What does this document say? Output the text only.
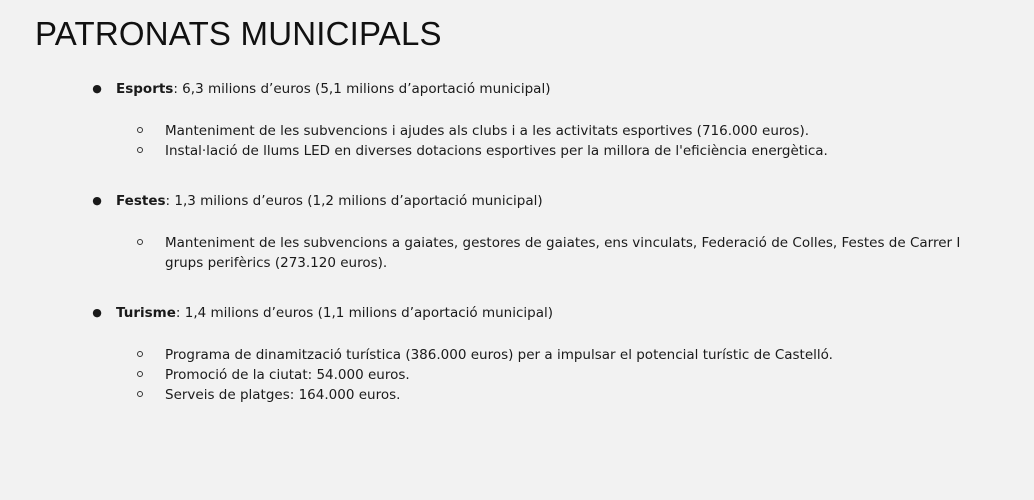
PATRONATS MUNICIPALS
● Esports: 6,3 milions d’euros (5,1 milions d’aportació municipal)
Manteniment de les subvencions i ajudes als clubs i a les activitats esportives (716.000 euros).
Instal·lació de llums LED en diverses dotacions esportives per la millora de l'eficiència energètica.
● Festes: 1,3 milions d’euros (1,2 milions d’aportació municipal)
Manteniment de les subvencions a gaiates, gestores de gaiates, ens vinculats, Federació de Colles, Festes de Carrer I grups perifèrics (273.120 euros).
● Turisme: 1,4 milions d’euros (1,1 milions d’aportació municipal)
Programa de dinamització turística (386.000 euros) per a impulsar el potencial turístic de Castelló.
Promoció de la ciutat: 54.000 euros.
Serveis de platges: 164.000 euros.
